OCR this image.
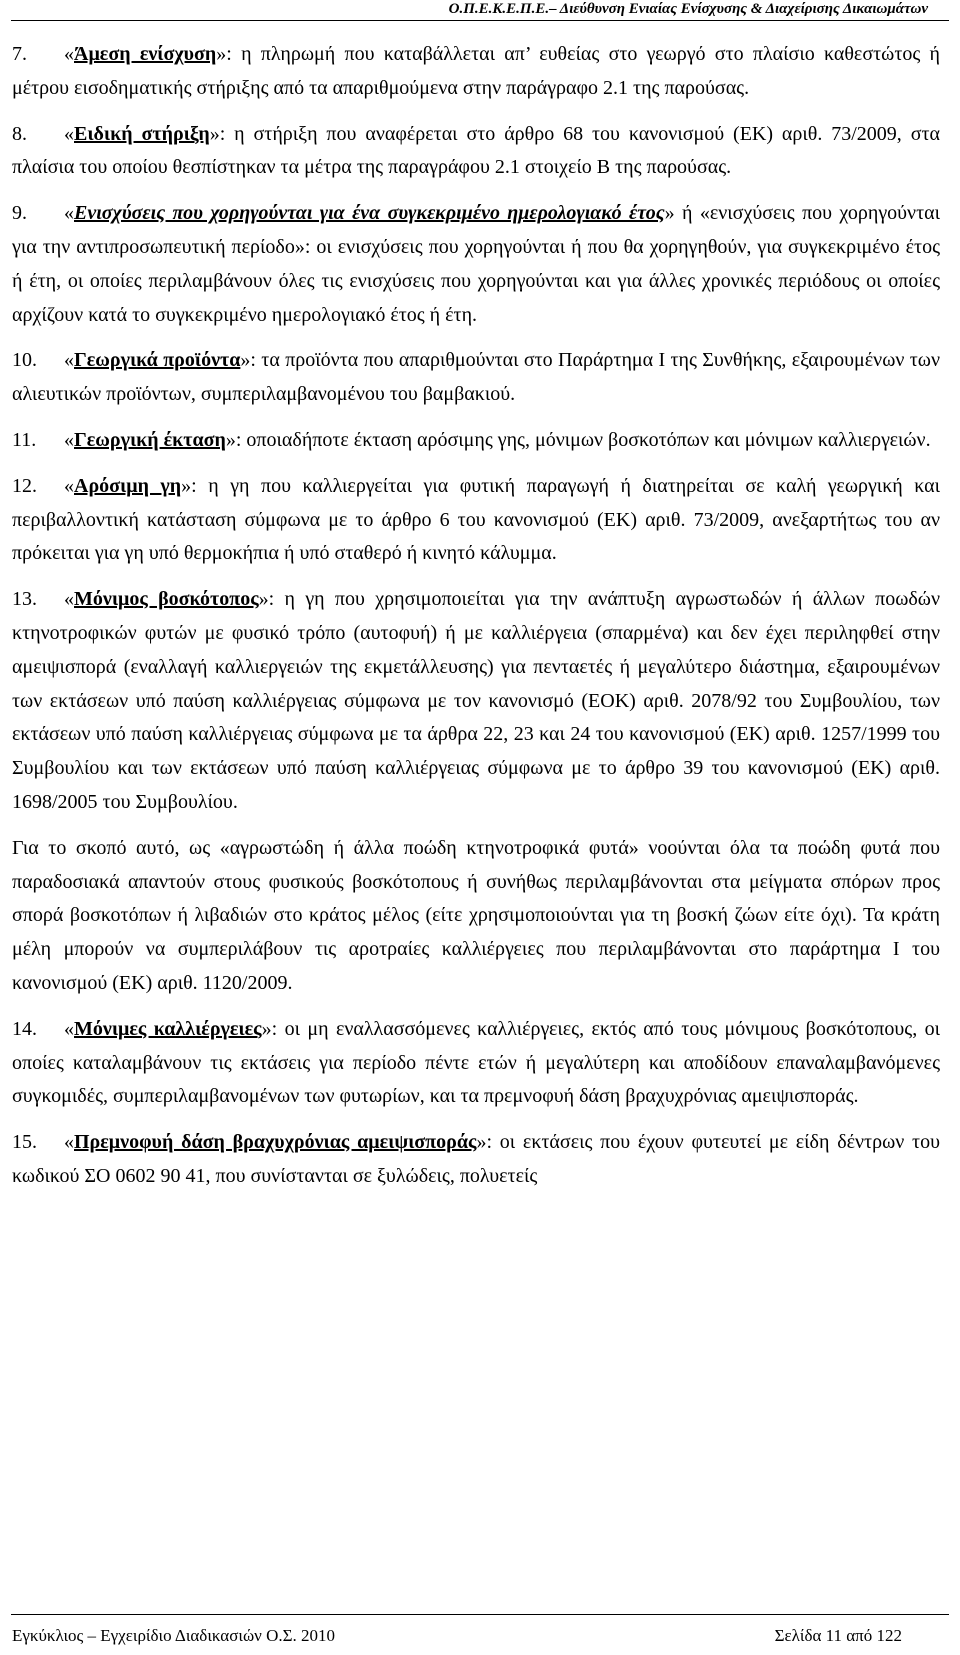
Ο.Π.Ε.Κ.Ε.Π.Ε.– Διεύθυνση Ενιαίας Ενίσχυσης & Διαχείρισης Δικαιωμάτων

7. «Άμεση ενίσχυση»: η πληρωμή που καταβάλλεται απ’ ευθείας στο γεωργό στο πλαίσιο καθεστώτος ή μέτρου εισοδηματικής στήριξης από τα απαριθμούμενα στην παράγραφο 2.1 της παρούσας.

8. «Ειδική στήριξη»: η στήριξη που αναφέρεται στο άρθρο 68 του κανονισμού (ΕΚ) αριθ. 73/2009, στα πλαίσια του οποίου θεσπίστηκαν τα μέτρα της παραγράφου 2.1 στοιχείο Β της παρούσας.

9. «Ενισχύσεις που χορηγούνται για ένα συγκεκριμένο ημερολογιακό έτος» ή «ενισχύσεις που χορηγούνται για την αντιπροσωπευτική περίοδο»: οι ενισχύσεις που χορηγούνται ή που θα χορηγηθούν, για συγκεκριμένο έτος ή έτη, οι οποίες περιλαμβάνουν όλες τις ενισχύσεις που χορηγούνται και για άλλες χρονικές περιόδους οι οποίες αρχίζουν κατά το συγκεκριμένο ημερολογιακό έτος ή έτη.

10. «Γεωργικά προϊόντα»: τα προϊόντα που απαριθμούνται στο Παράρτημα Ι της Συνθήκης, εξαιρουμένων των αλιευτικών προϊόντων, συμπεριλαμβανομένου του βαμβακιού.

11. «Γεωργική έκταση»: οποιαδήποτε έκταση αρόσιμης γης, μόνιμων βοσκοτόπων και μόνιμων καλλιεργειών.

12. «Αρόσιμη γη»: η γη που καλλιεργείται για φυτική παραγωγή ή διατηρείται σε καλή γεωργική και περιβαλλοντική κατάσταση σύμφωνα με το άρθρο 6 του κανονισμού (ΕΚ) αριθ. 73/2009, ανεξαρτήτως του αν πρόκειται για γη υπό θερμοκήπια ή υπό σταθερό ή κινητό κάλυμμα.

13. «Μόνιμος βοσκότοπος»: η γη που χρησιμοποιείται για την ανάπτυξη αγρωστωδών ή άλλων ποωδών κτηνοτροφικών φυτών με φυσικό τρόπο (αυτοφυή) ή με καλλιέργεια (σπαρμένα) και δεν έχει περιληφθεί στην αμειψισπορά (εναλλαγή καλλιεργειών της εκμετάλλευσης) για πενταετές ή μεγαλύτερο διάστημα, εξαιρουμένων των εκτάσεων υπό παύση καλλιέργειας σύμφωνα με τον κανονισμό (ΕΟΚ) αριθ. 2078/92 του Συμβουλίου, των εκτάσεων υπό παύση καλλιέργειας σύμφωνα με τα άρθρα 22, 23 και 24 του κανονισμού (ΕΚ) αριθ. 1257/1999 του Συμβουλίου και των εκτάσεων υπό παύση καλλιέργειας σύμφωνα με το άρθρο 39 του κανονισμού (ΕΚ) αριθ. 1698/2005 του Συμβουλίου.

Για το σκοπό αυτό, ως «αγρωστώδη ή άλλα ποώδη κτηνοτροφικά φυτά» νοούνται όλα τα ποώδη φυτά που παραδοσιακά απαντούν στους φυσικούς βοσκότοπους ή συνήθως περιλαμβάνονται στα μείγματα σπόρων προς σπορά βοσκοτόπων ή λιβαδιών στο κράτος μέλος (είτε χρησιμοποιούνται για τη βοσκή ζώων είτε όχι). Τα κράτη μέλη μπορούν να συμπεριλάβουν τις αροτραίες καλλιέργειες που περιλαμβάνονται στο παράρτημα Ι του κανονισμού (ΕΚ) αριθ. 1120/2009.

14. «Μόνιμες καλλιέργειες»: οι μη εναλλασσόμενες καλλιέργειες, εκτός από τους μόνιμους βοσκότοπους, οι οποίες καταλαμβάνουν τις εκτάσεις για περίοδο πέντε ετών ή μεγαλύτερη και αποδίδουν επαναλαμβανόμενες συγκομιδές, συμπεριλαμβανομένων των φυτωρίων, και τα πρεμνοφυή δάση βραχυχρόνιας αμειψισποράς.

15. «Πρεμνοφυή δάση βραχυχρόνιας αμειψισποράς»: οι εκτάσεις που έχουν φυτευτεί με είδη δέντρων του κωδικού ΣΟ 0602 90 41, που συνίστανται σε ξυλώδεις, πολυετείς

Εγκύκλιος – Εγχειρίδιο Διαδικασιών Ο.Σ. 2010	Σελίδα 11 από 122
